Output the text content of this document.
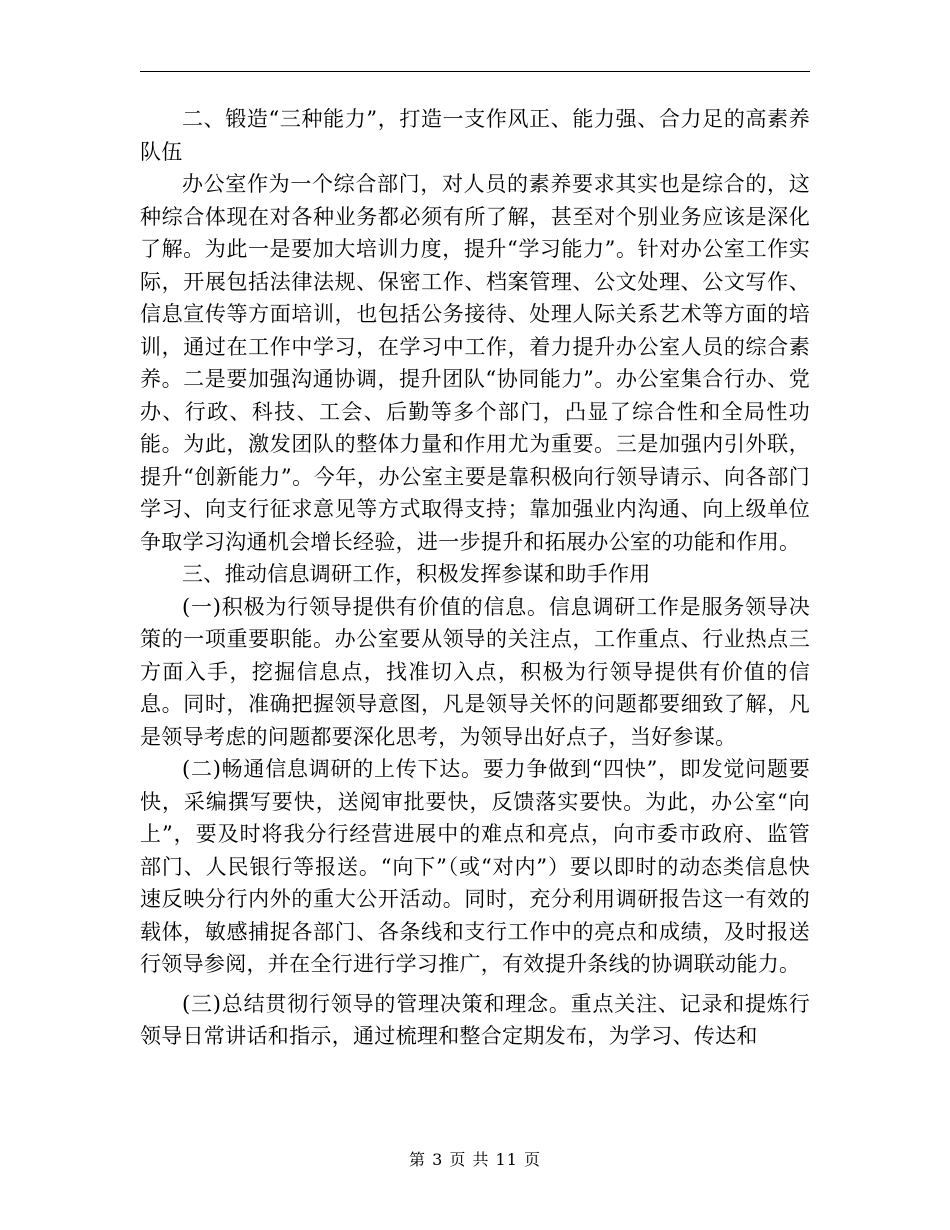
二、锻造“三种能力”，打造一支作风正、能力强、合力足的高素养队伍

办公室作为一个综合部门，对人员的素养要求其实也是综合的，这种综合体现在对各种业务都必须有所了解，甚至对个别业务应该是深化了解。为此一是要加大培训力度，提升“学习能力”。针对办公室工作实际，开展包括法律法规、保密工作、档案管理、公文处理、公文写作、信息宣传等方面培训，也包括公务接待、处理人际关系艺术等方面的培训，通过在工作中学习，在学习中工作，着力提升办公室人员的综合素养。二是要加强沟通协调，提升团队“协同能力”。办公室集合行办、党办、行政、科技、工会、后勤等多个部门，凸显了综合性和全局性功能。为此，激发团队的整体力量和作用尤为重要。三是加强内引外联，提升“创新能力”。今年，办公室主要是靠积极向行领导请示、向各部门学习、向支行征求意见等方式取得支持；靠加强业内沟通、向上级单位争取学习沟通机会增长经验，进一步提升和拓展办公室的功能和作用。

三、推动信息调研工作，积极发挥参谋和助手作用

(一)积极为行领导提供有价值的信息。信息调研工作是服务领导决策的一项重要职能。办公室要从领导的关注点，工作重点、行业热点三方面入手，挖掘信息点，找准切入点，积极为行领导提供有价值的信息。同时，准确把握领导意图，凡是领导关怀的问题都要细致了解，凡是领导考虑的问题都要深化思考，为领导出好点子，当好参谋。

(二)畅通信息调研的上传下达。要力争做到“四快”，即发觉问题要快，采编撰写要快，送阅审批要快，反馈落实要快。为此，办公室“向上”，要及时将我分行经营进展中的难点和亮点，向市委市政府、监管部门、人民银行等报送。“向下”（或“对内”）要以即时的动态类信息快速反映分行内外的重大公开活动。同时，充分利用调研报告这一有效的载体，敏感捕捉各部门、各条线和支行工作中的亮点和成绩，及时报送行领导参阅，并在全行进行学习推广，有效提升条线的协调联动能力。

(三)总结贯彻行领导的管理决策和理念。重点关注、记录和提炼行领导日常讲话和指示，通过梳理和整合定期发布，为学习、传达和

第 3 页 共 11 页
